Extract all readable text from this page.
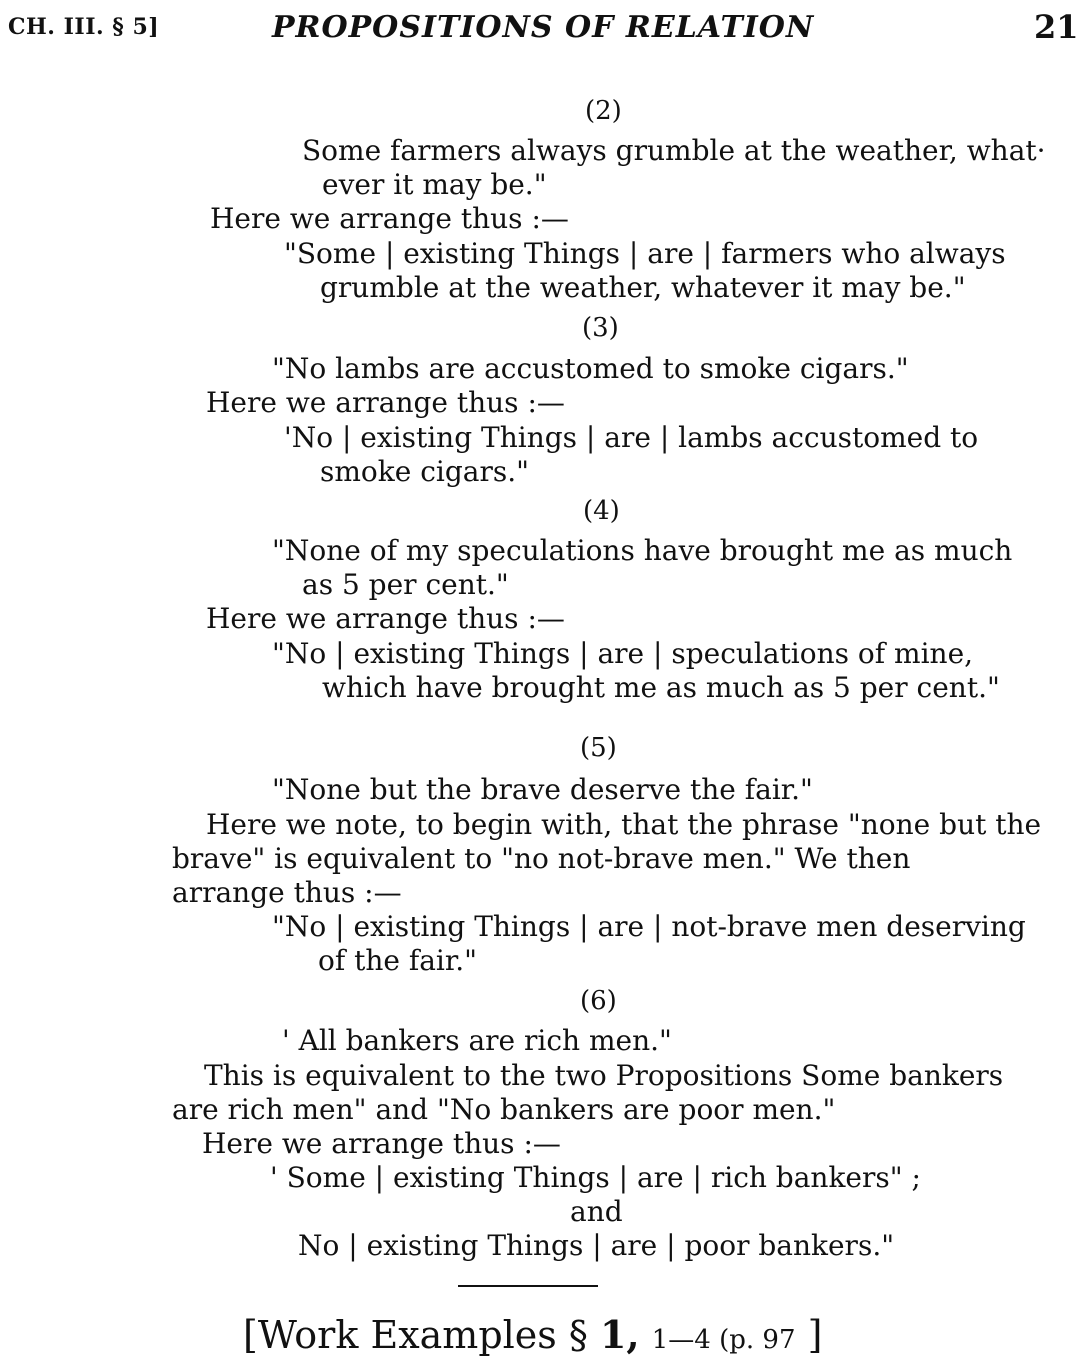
CH. III. § 5]	PROPOSITIONS OF RELATION	21
(2)
Some farmers always grumble at the weather, what·
ever it may be."
Here we arrange thus :—
"Some | existing Things | are | farmers who always
grumble at the weather, whatever it may be."
(3)
"No lambs are accustomed to smoke cigars."
Here we arrange thus :—
'No | existing Things | are | lambs accustomed to
smoke cigars."
(4)
"None of my speculations have brought me as much
as 5 per cent."
Here we arrange thus :—
"No | existing Things | are | speculations of mine,
which have brought me as much as 5 per cent."
(5)
"None but the brave deserve the fair."
Here we note, to begin with, that the phrase "none but the
brave" is equivalent to "no not-brave men." We then
arrange thus :—
"No | existing Things | are | not-brave men deserving
of the fair."
(6)
' All bankers are rich men."
This is equivalent to the two Propositions Some bankers
are rich men" and "No bankers are poor men."
Here we arrange thus :—
' Some | existing Things | are | rich bankers" ;
and
No | existing Things | are | poor bankers."
[Work Examples § 1, 1—4 (p. 97 ]
